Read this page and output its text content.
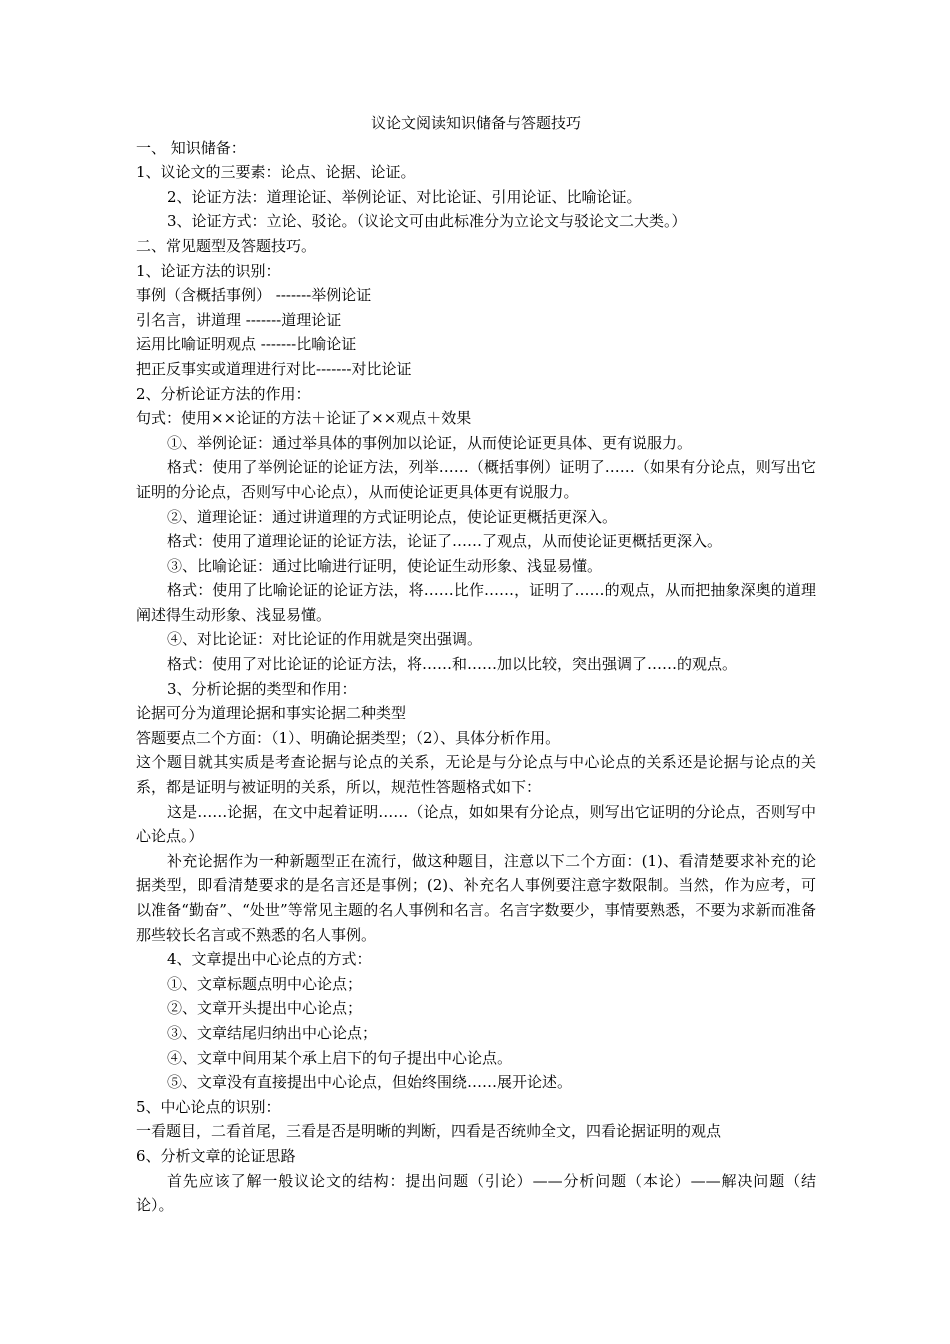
议论文阅读知识储备与答题技巧
一、 知识储备：
1、议论文的三要素：论点、论据、论证。
2、论证方法：道理论证、举例论证、对比论证、引用论证、比喻论证。
3、论证方式：立论、驳论。（议论文可由此标准分为立论文与驳论文二大类。）
二、常见题型及答题技巧。
1、论证方法的识别：
事例（含概括事例） -------举例论证
引名言，讲道理 -------道理论证
运用比喻证明观点 -------比喻论证
把正反事实或道理进行对比-------对比论证
2、分析论证方法的作用：
句式：使用××论证的方法＋论证了××观点＋效果
①、举例论证：通过举具体的事例加以论证，从而使论证更具体、更有说服力。
格式：使用了举例论证的论证方法，列举……（概括事例）证明了……（如果有分论点，则写出它证明的分论点，否则写中心论点），从而使论证更具体更有说服力。
②、道理论证：通过讲道理的方式证明论点，使论证更概括更深入。
格式：使用了道理论证的论证方法，论证了……了观点，从而使论证更概括更深入。
③、比喻论证：通过比喻进行证明，使论证生动形象、浅显易懂。
格式：使用了比喻论证的论证方法，将……比作……，证明了……的观点，从而把抽象深奥的道理阐述得生动形象、浅显易懂。
④、对比论证：对比论证的作用就是突出强调。
格式：使用了对比论证的论证方法，将……和……加以比较，突出强调了……的观点。
3、分析论据的类型和作用：
论据可分为道理论据和事实论据二种类型
答题要点二个方面：（1）、明确论据类型；（2）、具体分析作用。
这个题目就其实质是考查论据与论点的关系，无论是与分论点与中心论点的关系还是论据与论点的关系，都是证明与被证明的关系，所以，规范性答题格式如下：
这是……论据，在文中起着证明……（论点，如如果有分论点，则写出它证明的分论点，否则写中心论点。）
补充论据作为一种新题型正在流行，做这种题目，注意以下二个方面：(1)、看清楚要求补充的论据类型，即看清楚要求的是名言还是事例；(2)、补充名人事例要注意字数限制。当然，作为应考，可以准备“勤奋”、“处世”等常见主题的名人事例和名言。名言字数要少，事情要熟悉，不要为求新而准备那些较长名言或不熟悉的名人事例。
4、文章提出中心论点的方式：
①、文章标题点明中心论点；
②、文章开头提出中心论点；
③、文章结尾归纳出中心论点；
④、文章中间用某个承上启下的句子提出中心论点。
⑤、文章没有直接提出中心论点，但始终围绕……展开论述。
5、中心论点的识别：
一看题目，二看首尾，三看是否是明晰的判断，四看是否统帅全文，四看论据证明的观点
6、分析文章的论证思路
首先应该了解一般议论文的结构：提出问题（引论）——分析问题（本论）——解决问题（结论）。
